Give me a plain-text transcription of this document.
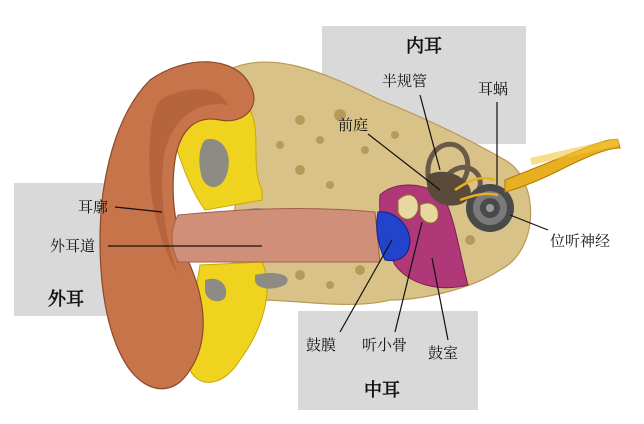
外耳
内耳
中耳
耳廓
外耳道
半规管	耳蜗
前庭
位听神经
鼓膜 听小骨 鼓室
